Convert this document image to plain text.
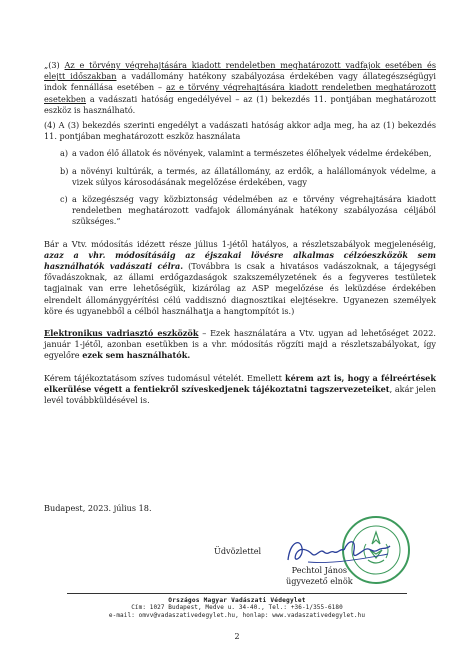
„(3) Az e törvény végrehajtására kiadott rendeletben meghatározott vadfajok esetében és elejtt időszakban a vadállomány hatékony szabályozása érdekében vagy állategészségügyi indok fennállása esetében – az e törvény végrehajtására kiadott rendeletben meghatározott esetekben a vadászati hatóság engedélyével – az (1) bekezdés 11. pontjában meghatározott eszköz is használható.

(4) A (3) bekezdés szerinti engedélyt a vadászati hatóság akkor adja meg, ha az (1) bekezdés 11. pontjában meghatározott eszköz használata

a) a vadon élő állatok és növények, valamint a természetes élőhelyek védelme érdekében,
b) a növényi kultúrák, a termés, az állatállomány, az erdők, a halállományok védelme, a vizek súlyos károsodásának megelőzése érdekében, vagy
c) a közegészség vagy közbiztonság védelmében az e törvény végrehajtására kiadott rendeletben meghatározott vadfajok állományának hatékony szabályozása céljából szükséges.”

Bár a Vtv. módosítás idézett része július 1-jétől hatályos, a részletszabályok megjelenéséig, azaz a vhr. módosításáig az éjszakai lövésre alkalmas célzóeszközök sem használhatók vadászati célra. (Továbbra is csak a hivatásos vadászoknak, a tájegységi fővadászoknak, az állami erdőgazdaságok szakszemélyzetének és a fegyveres testületek tagjainak van erre lehetőségük, kizárólag az ASP megelőzése és leküzdése érdekében elrendelt állománygyérítési célú vaddisznó diagnosztikai elejtésekre. Ugyanezen személyek köre és ugyanebből a célból használhatja a hangtompítót is.)

Elektronikus vadriasztó eszközök – Ezek használatára a Vtv. ugyan ad lehetőséget 2022. január 1-jétől, azonban esetükben is a vhr. módosítás rögzíti majd a részletszabályokat, így egyelőre ezek sem használhatók.

Kérem tájékoztatásom szíves tudomásul vételét. Emellett kérem azt is, hogy a félreértések elkerülése végett a fentiekről szíveskedjenek tájékoztatni tagszervezeteiket, akár jelen levél továbbküldésével is.

Budapest, 2023. július 18.
Üdvözlettel
Pechtol János
ügyvezető elnök
Országos Magyar Vadászati Védegylet
Cím: 1027 Budapest, Medve u. 34-40., Tel.: +36-1/355-6180
e-mail: omvv@vadaszativedegylet.hu, honlap: www.vadaszativedegylet.hu
2
